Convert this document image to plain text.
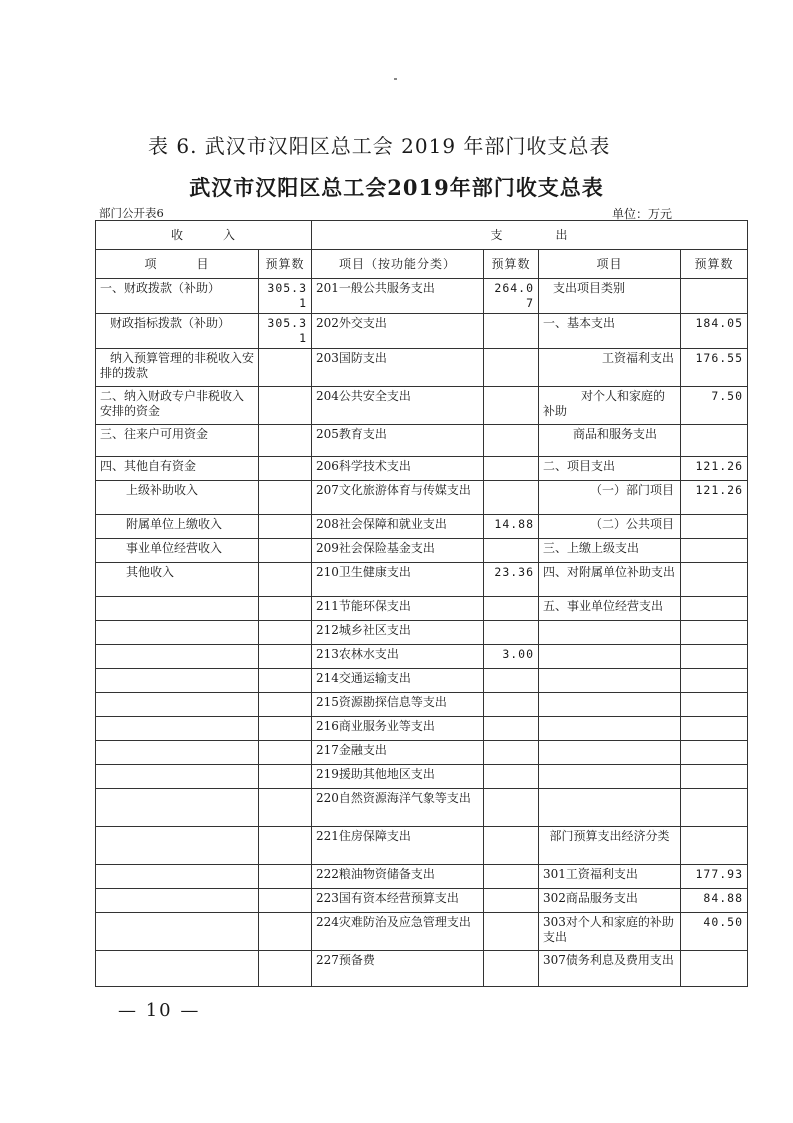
表 6. 武汉市汉阳区总工会 2019 年部门收支总表
武汉市汉阳区总工会2019年部门收支总表
部门公开表6	单位：万元
收　　　入		支　　　　出			
项　　　目	预算数	项目（按功能分类）	预算数	项目	预算数
一、财政拨款（补助）	305.31	201一般公共服务支出	264.07	支出项目类别	
财政指标拨款（补助）	305.31	202外交支出		一、基本支出	184.05
纳入预算管理的非税收入安排的拨款		203国防支出		工资福利支出	176.55
二、纳入财政专户非税收入安排的资金		204公共安全支出		对个人和家庭的补助	7.50
三、往来户可用资金		205教育支出		商品和服务支出	
四、其他自有资金		206科学技术支出		二、项目支出	121.26
上级补助收入		207文化旅游体育与传媒支出		（一）部门项目	121.26
附属单位上缴收入		208社会保障和就业支出	14.88	（二）公共项目	
事业单位经营收入		209社会保险基金支出		三、上缴上级支出	
其他收入		210卫生健康支出	23.36	四、对附属单位补助支出	
		211节能环保支出		五、事业单位经营支出	
		212城乡社区支出			
		213农林水支出	3.00		
		214交通运输支出			
		215资源勘探信息等支出			
		216商业服务业等支出			
		217金融支出			
		219援助其他地区支出			
		220自然资源海洋气象等支出			
		221住房保障支出		部门预算支出经济分类	
		222粮油物资储备支出		301工资福利支出	177.93
		223国有资本经营预算支出		302商品服务支出	84.88
		224灾难防治及应急管理支出		303对个人和家庭的补助支出	40.50
		227预备费		307债务利息及费用支出	
— 10 —
